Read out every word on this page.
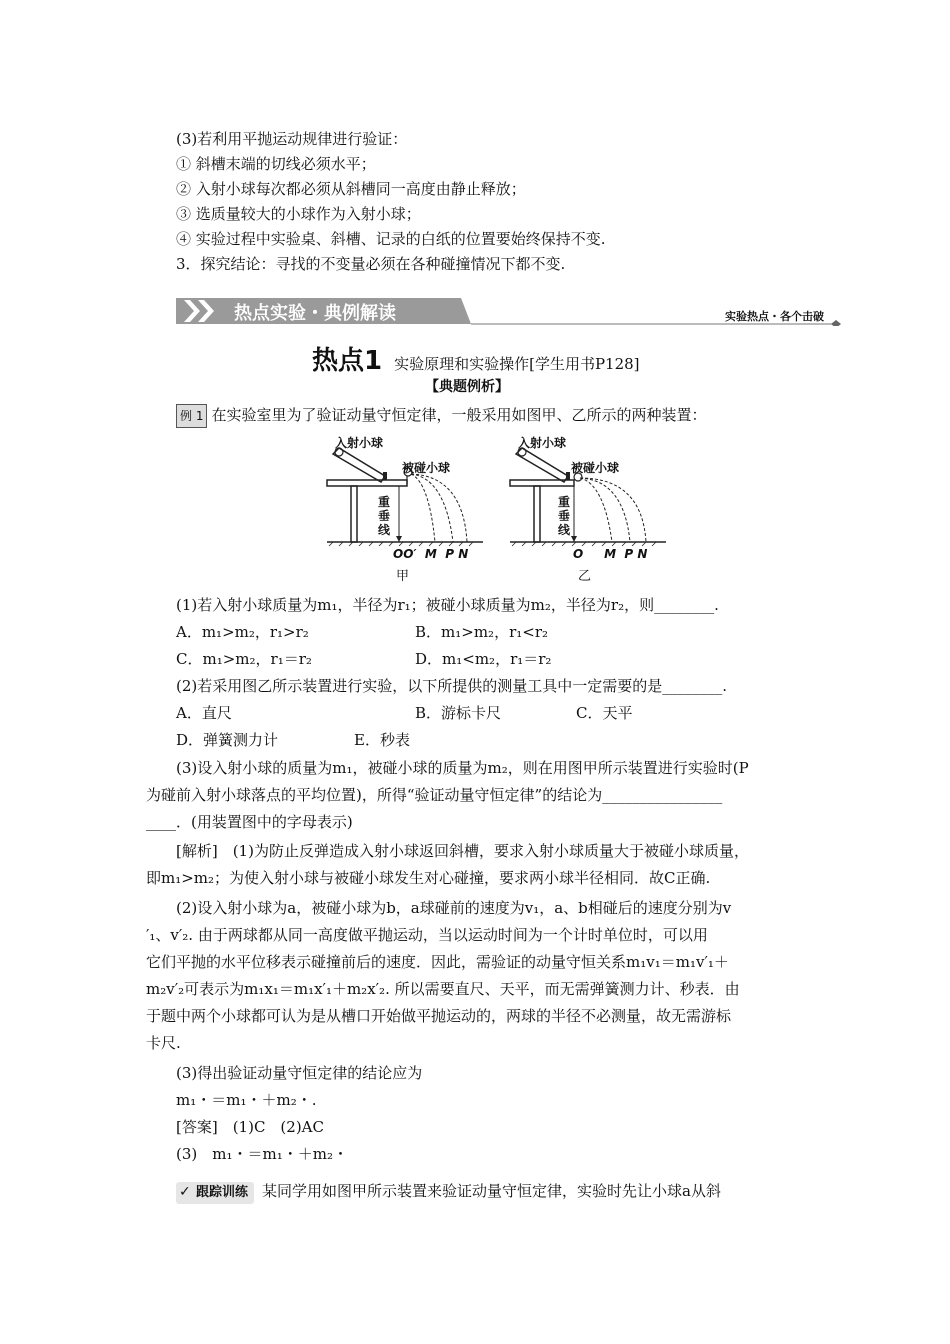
(3)若利用平抛运动规律进行验证：
① 斜槽末端的切线必须水平；
② 入射小球每次都必须从斜槽同一高度由静止释放；
③ 选质量较大的小球作为入射小球；
④ 实验过程中实验桌、斜槽、记录的白纸的位置要始终保持不变.
3．探究结论：寻找的不变量必须在各种碰撞情况下都不变.
热点实验・典例解读	实验热点・各个击破
热点1 实验原理和实验操作[学生用书P128]
【典题例析】
例 1 在实验室里为了验证动量守恒定律，一般采用如图甲、乙所示的两种装置：
入射小球
被碰小球
重
垂
线
OO′  M  P N
甲
入射小球
被碰小球
重
垂
线
O     M  P N
乙
(1)若入射小球质量为m₁，半径为r₁；被碰小球质量为m₂，半径为r₂，则________.
A．m₁>m₂，r₁>r₂	B．m₁>m₂，r₁<r₂
C．m₁>m₂，r₁＝r₂	D．m₁<m₂，r₁＝r₂
(2)若采用图乙所示装置进行实验，以下所提供的测量工具中一定需要的是________.
A．直尺	B．游标卡尺	C．天平
D．弹簧测力计	E．秒表
(3)设入射小球的质量为m₁，被碰小球的质量为m₂，则在用图甲所示装置进行实验时(P
为碰前入射小球落点的平均位置)，所得“验证动量守恒定律”的结论为________________
____．(用装置图中的字母表示)
[解析]　(1)为防止反弹造成入射小球返回斜槽，要求入射小球质量大于被碰小球质量，
即m₁>m₂；为使入射小球与被碰小球发生对心碰撞，要求两小球半径相同．故C正确.
(2)设入射小球为a，被碰小球为b，a球碰前的速度为v₁，a、b相碰后的速度分别为v
′₁、v′₂. 由于两球都从同一高度做平抛运动，当以运动时间为一个计时单位时，可以用
它们平抛的水平位移表示碰撞前后的速度．因此，需验证的动量守恒关系m₁v₁＝m₁v′₁＋
m₂v′₂可表示为m₁x₁＝m₁x′₁＋m₂x′₂. 所以需要直尺、天平，而无需弹簧测力计、秒表．由
于题中两个小球都可认为是从槽口开始做平抛运动的，两球的半径不必测量，故无需游标
卡尺.
(3)得出验证动量守恒定律的结论应为
m₁・＝m₁・＋m₂・.
[答案]　(1)C　(2)AC
(3)　m₁・＝m₁・＋m₂・
✓ 跟踪训练 某同学用如图甲所示装置来验证动量守恒定律，实验时先让小球a从斜
